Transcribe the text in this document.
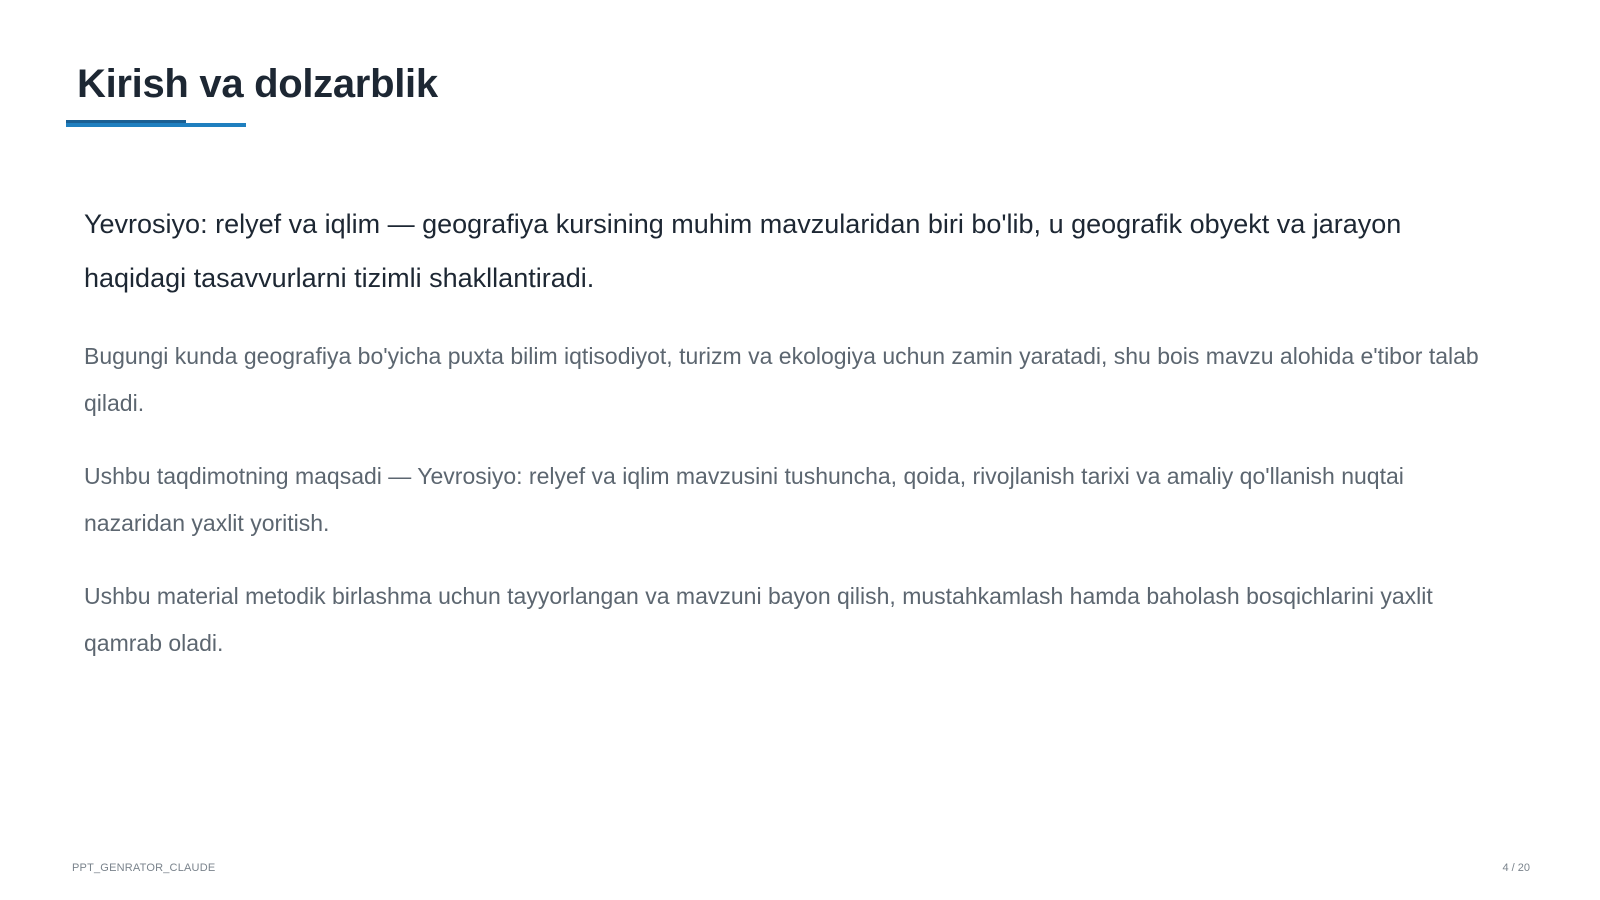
Kirish va dolzarblik

Yevrosiyo: relyef va iqlim — geografiya kursining muhim mavzularidan biri bo'lib, u geografik obyekt va jarayon haqidagi tasavvurlarni tizimli shakllantiradi.

Bugungi kunda geografiya bo'yicha puxta bilim iqtisodiyot, turizm va ekologiya uchun zamin yaratadi, shu bois mavzu alohida e'tibor talab qiladi.

Ushbu taqdimotning maqsadi — Yevrosiyo: relyef va iqlim mavzusini tushuncha, qoida, rivojlanish tarixi va amaliy qo'llanish nuqtai nazaridan yaxlit yoritish.

Ushbu material metodik birlashma uchun tayyorlangan va mavzuni bayon qilish, mustahkamlash hamda baholash bosqichlarini yaxlit qamrab oladi.

PPT_GENRATOR_CLAUDE	4 / 20
